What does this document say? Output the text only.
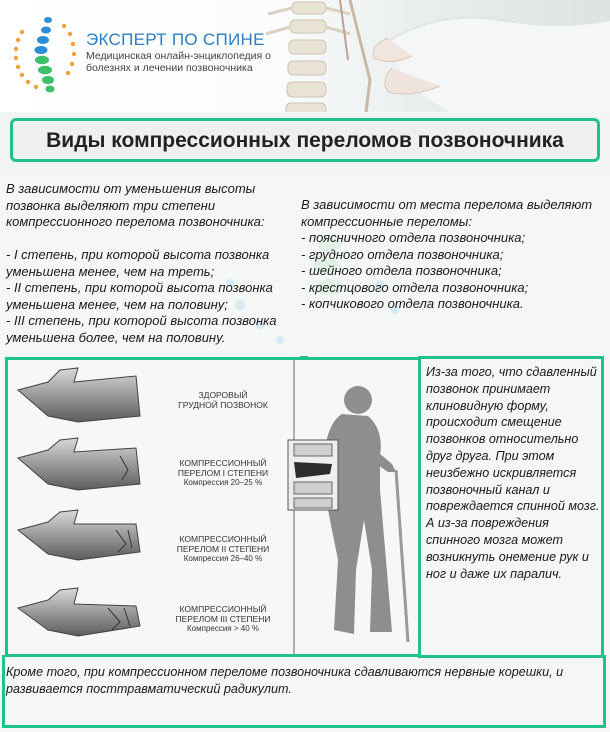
ЭКСПЕРТ ПО СПИНЕ
Медицинская онлайн-энциклопедия о болезнях и лечении позвоночника
Виды компрессионных переломов позвоночника
В зависимости от уменьшения высоты позвонка выделяют три степени компрессионного перелома позвоночника:

- I степень, при которой высота позвонка уменьшена менее, чем на треть;
- II степень, при которой высота позвонка уменьшена менее, чем на половину;
- III степень, при которой высота позвонка уменьшена более, чем на половину.
В зависимости от места перелома выделяют компрессионные переломы:
- поясничного отдела позвоночника;
- грудного отдела позвоночника;
- шейного отдела позвоночника;
- крестцового отдела позвоночника;
- копчикового отдела позвоночника.
ЗДОРОВЫЙ
ГРУДНОЙ ПОЗВОНОК
КОМПРЕССИОННЫЙ
ПЕРЕЛОМ I СТЕПЕНИ
Компрессия 20–25 %
КОМПРЕССИОННЫЙ
ПЕРЕЛОМ II СТЕПЕНИ
Компрессия 26–40 %
КОМПРЕССИОННЫЙ
ПЕРЕЛОМ III СТЕПЕНИ
Компрессия > 40 %
Из-за того, что сдавленный позвонок принимает клиновидную форму, происходит смещение позвонков относительно друг друга. При этом неизбежно искривляется позвоночный канал и повреждается спинной мозг. А из-за повреждения спинного мозга может возникнуть онемение рук и ног и даже их паралич.
Кроме того, при компрессионном переломе позвоночника сдавливаются нервные корешки, и развивается посттравматический радикулит.
